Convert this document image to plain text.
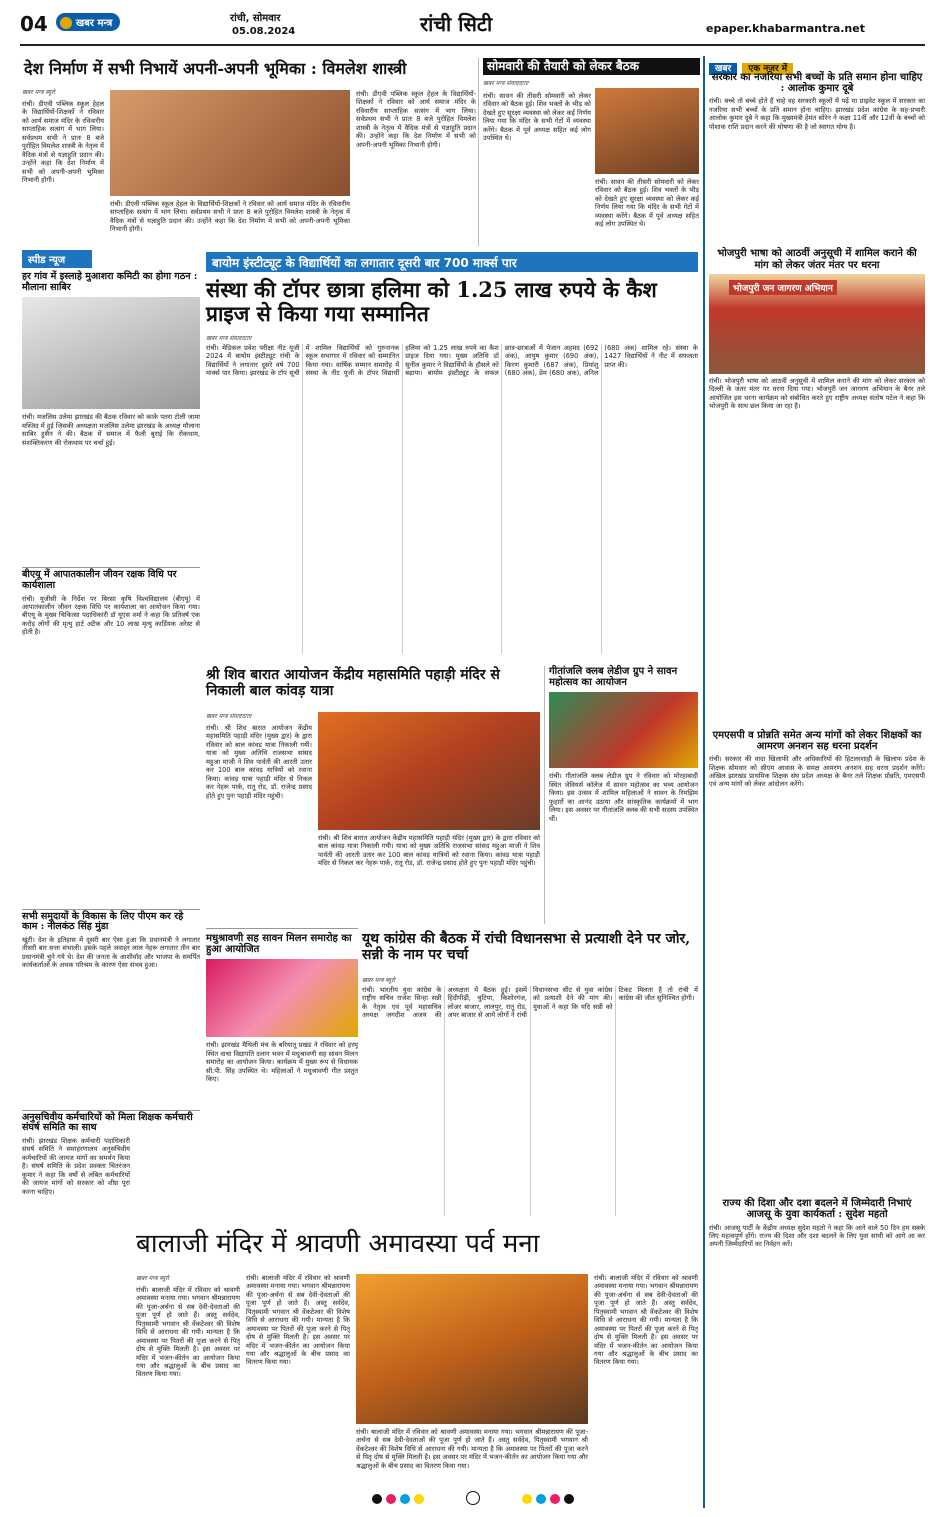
04	खबर मन्त्र	रांची, सोमवार
05.08.2024	रांची सिटी	epaper.khabarmantra.net
देश निर्माण में सभी निभायें अपनी-अपनी भूमिका : विमलेश शास्त्री
खबर मन्त्र ब्यूरो
रांची। डीएवी पब्लिक स्कूल हेहल के विद्यार्थियों-शिक्षकों ने रविवार को आर्य समाज मंदिर के रविवारीय साप्ताहिक सत्संग में भाग लिया। सर्वप्रथम सभी ने प्रातः 8 बजे पुरोहित विमलेश शास्त्री के नेतृत्व में वैदिक मंत्रों से यज्ञाहुति प्रदान की। उन्होंने कहा कि देश निर्माण में सभी को अपनी-अपनी भूमिका निभानी होगी।
रांची। डीएवी पब्लिक स्कूल हेहल के विद्यार्थियों-शिक्षकों ने रविवार को आर्य समाज मंदिर के रविवारीय साप्ताहिक सत्संग में भाग लिया। सर्वप्रथम सभी ने प्रातः 8 बजे पुरोहित विमलेश शास्त्री के नेतृत्व में वैदिक मंत्रों से यज्ञाहुति प्रदान की। उन्होंने कहा कि देश निर्माण में सभी को अपनी-अपनी भूमिका निभानी होगी।
रांची। डीएवी पब्लिक स्कूल हेहल के विद्यार्थियों-शिक्षकों ने रविवार को आर्य समाज मंदिर के रविवारीय साप्ताहिक सत्संग में भाग लिया। सर्वप्रथम सभी ने प्रातः 8 बजे पुरोहित विमलेश शास्त्री के नेतृत्व में वैदिक मंत्रों से यज्ञाहुति प्रदान की। उन्होंने कहा कि देश निर्माण में सभी को अपनी-अपनी भूमिका निभानी होगी।
सोमवारी की तैयारी को लेकर बैठक
खबर मन्त्र संवाददाता
रांची। सावन की तीसरी सोमवारी को लेकर रविवार को बैठक हुई। शिव भक्तों के भीड़ को देखते हुए सुरक्षा व्यवस्था को लेकर कई निर्णय लिया गया कि मंदिर के सभी गेटों में व्यवस्था करेंगे। बैठक में पूर्व अध्यक्ष सहित कई लोग उपस्थित थे।
रांची। सावन की तीसरी सोमवारी को लेकर रविवार को बैठक हुई। शिव भक्तों के भीड़ को देखते हुए सुरक्षा व्यवस्था को लेकर कई निर्णय लिया गया कि मंदिर के सभी गेटों में व्यवस्था करेंगे। बैठक में पूर्व अध्यक्ष सहित कई लोग उपस्थित थे।
खबर एक नजर में
सरकार का नजरिया सभी बच्चों के प्रति समान होना चाहिए : आलोक कुमार दूबे
रांची। बच्चे तो बच्चे होते हैं चाहे वह सरकारी स्कूलों में पढ़ें या प्राइवेट स्कूल में सरकार का नजरिया सभी बच्चों के प्रति समान होना चाहिए। झारखंड प्रदेश कांग्रेस के सह-प्रभारी आलोक कुमार दूबे ने कहा कि मुख्यमंत्री हेमंत सोरेन ने कक्षा 11वीं और 12वीं के बच्चों को पोशाक राशि प्रदान करने की घोषणा की है जो स्वागत योग्य है।
भोजपुरी भाषा को आठवीं अनुसूची में शामिल कराने की मांग को लेकर जंतर मंतर पर धरना
भोजपुरी जन जागरण अभियान
रांची। भोजपुरी भाषा को आठवीं अनुसूची में शामिल कराने की मांग को लेकर सरकार को दिल्ली के जंतर मंतर पर धरना दिया गया। भोजपुरी जन जागरण अभियान के बैनर तले आयोजित इस धरना कार्यक्रम को संबोधित करते हुए राष्ट्रीय अध्यक्ष संतोष पटेल ने कहा कि भोजपुरी के साथ छल किया जा रहा है।
एमएसपी व प्रोन्नति समेत अन्य मांगों को लेकर शिक्षकों का आमरण अनशन सह धरना प्रदर्शन
रांची। सरकार की वादा खिलाफी और अधिकारियों की हिटलरशाही के खिलाफ प्रदेश के शिक्षक सोमवार को सीएम आवास के समक्ष आमरण अनशन सह धरना प्रदर्शन करेंगे। अखिल झारखंड प्राथमिक शिक्षक संघ प्रदेश अध्यक्ष के बैनर तले शिक्षक प्रोन्नति, एमएसपी एवं अन्य मांगों को लेकर आंदोलन करेंगे।
राज्य की दिशा और दशा बदलने में जिम्मेदारी निभाएं आजसू के युवा कार्यकर्ता : सुदेश महतो
रांची। आजसू पार्टी के केंद्रीय अध्यक्ष सुदेश महतो ने कहा कि आने वाले 50 दिन हम सबके लिए महत्वपूर्ण होंगे। राज्य की दिशा और दशा बदलने के लिए युवा साथी को आगे आ कर अपनी जिम्मेदारियों का निर्वहन करें।
स्पीड न्यूज
हर गांव में इस्लाहे मुआशरा कमिटी का होगा गठन : मौलाना साबिर
रांची। मजलिस उलेमा झारखंड की बैठक रविवार को काके पतरा टोली जामा मस्जिद में हुई जिसकी अध्यक्षता मजलिस उलेमा झारखंड के अध्यक्ष मौलाना साबिर हुसैन ने की। बैठक में समाज में फैली बुराई कि रोकथाम, सशक्तिकरण की रोकथाम पर चर्चा हुई।
बीएयू में आपातकालीन जीवन रक्षक विधि पर कार्यशाला
रांची। यूजीसी के निर्देश पर बिरसा कृषि विश्वविद्यालय (बीएयू) में आपातकालीन जीवन रक्षक विधि पर कार्यशाला का आयोजन किया गया। बीएयू के मुख्य चिकित्सा पदाधिकारी डॉ यूएस वर्मा ने कहा कि प्रतिवर्ष एक करोड़ लोगों की मृत्यु हार्ट अटैक और 10 लाख मृत्यु कार्डियक अरेस्ट से होती है।
सभी समुदायों के विकास के लिए पीएम कर रहे काम : नीलकंठ सिंह मुंडा
खूंटी। देश के इतिहास में दूसरी बार ऐसा हुआ कि प्रधानमंत्री ने लगातार तीसरी बार सत्ता संभाली। इसके पहले जवाहर लाल नेहरू लगातार तीन बार प्रधानमंत्री चुने गये थे। देश की जनता के आशीर्वाद और भाजपा के समर्पित कार्यकर्ताओं के अथक परिश्रम के कारण ऐसा संभव हुआ।
अनुसचिवीय कर्मचारियों को मिला शिक्षक कर्मचारी संघर्ष समिति का साथ
रांची। झारखंड शिक्षक कर्मचारी पदाधिकारी संघर्ष समिति ने समाहरणालय अनुसचिवीय कर्मचारियों की जायज मांगों का समर्थन किया है। संघर्ष समिति के प्रदेश प्रवक्ता चितरंजन कुमार ने कहा कि वर्षों से लंबित कर्मचारियों की जायज मांगों को सरकार को शीघ्र पूरा करना चाहिए।
बायोम इंस्टीट्यूट के विद्यार्थियों का लगातार दूसरी बार 700 मार्क्स पार
संस्था की टॉपर छात्रा हलिमा को 1.25 लाख रुपये के कैश प्राइज से किया गया सम्मानित
खबर मन्त्र संवाददाता
रांची। मेडिकल प्रवेश परीक्षा नीट यूजी 2024 में बायोम इंस्टीट्यूट रांची के विद्यार्थियों ने लगातार दूसरे वर्ष 700 मार्क्स पार किया। झारखंड के टॉप सूची में शामिल विद्यार्थियों को गुरुनानक स्कूल सभागार में रविवार को सम्मानित किया गया। वार्षिक सम्मान समारोह में संस्था के नीट यूजी के टॉपर विद्यार्थी हलिमा को 1.25 लाख रुपये का कैश प्राइज दिया गया। मुख्य अतिथि डॉ सुनील कुमार ने विद्यार्थियों के हौसले को बढ़ाया। बायोम इंस्टीट्यूट के सफल छात्र-छात्राओं में पेजान अहमद (692 अंक), आयुष कुमार (690 अंक), किरण कुमारी (687 अंक), प्रियांशु (680 अंक), प्रेम (680 अंक), अनिल (680 अंक) शामिल रहे। संस्था के 1427 विद्यार्थियों ने नीट में सफलता प्राप्त की।
श्री शिव बारात आयोजन केंद्रीय महासमिति पहाड़ी मंदिर से निकाली बाल कांवड़ यात्रा
खबर मन्त्र संवाददाता
रांची। श्री शिव बारात आयोजन केंद्रीय महासमिति पहाड़ी मंदिर (मुख्य द्वार) के द्वारा रविवार को बाल कांवड़ यात्रा निकाली गयी। यात्रा को मुख्य अतिथि राजसभा सांसद महुआ माजी ने शिव पार्वती की आरती उतार कर 100 बाल कांवड़ यात्रियों को रवाना किया। कांवड़ यात्रा पहाड़ी मंदिर से निकल कर नेहरू पार्क, रातू रोड, डॉ. राजेन्द्र प्रसाद होते हुए पुनः पहाड़ी मंदिर पहुंची।
रांची। श्री शिव बारात आयोजन केंद्रीय महासमिति पहाड़ी मंदिर (मुख्य द्वार) के द्वारा रविवार को बाल कांवड़ यात्रा निकाली गयी। यात्रा को मुख्य अतिथि राजसभा सांसद महुआ माजी ने शिव पार्वती की आरती उतार कर 100 बाल कांवड़ यात्रियों को रवाना किया। कांवड़ यात्रा पहाड़ी मंदिर से निकल कर नेहरू पार्क, रातू रोड, डॉ. राजेन्द्र प्रसाद होते हुए पुनः पहाड़ी मंदिर पहुंची।
गीतांजलि क्लब लेडीज ग्रुप ने सावन महोत्सव का आयोजन
रांची। गीतांजलि क्लब लेडीज ग्रुप ने रविवार को मोरहाबादी स्थित जेवियर्स कॉलेज में सावन महोत्सव का भव्य आयोजन किया। इस उत्सव में शामिल महिलाओं ने सावन के रिमझिम फुहारों का आनंद उठाया और सांस्कृतिक कार्यक्रमों में भाग लिया। इस अवसर पर गीतांजलि क्लब की सभी सदस्य उपस्थित थीं।
मधुश्रावणी सह सावन मिलन समारोह का हुआ आयोजित
रांची। झारखंड मैथिली मंच के बरियातू प्रखंड ने रविवार को हरमू स्थित वाचा विद्यापति दलान भवन में मधुश्रावणी सह सावन मिलन समारोह का आयोजन किया। कार्यक्रम में मुख्य रूप से विधायक सी.पी. सिंह उपस्थित थे। महिलाओं ने मधुश्रावणी गीत प्रस्तुत किए।
यूथ कांग्रेस की बैठक में रांची विधानसभा से प्रत्याशी देने पर जोर, सन्नी के नाम पर चर्चा
खबर मन्त्र ब्यूरो
रांची। भारतीय युवा कांग्रेस के राष्ट्रीय सचिव राजेश सिन्हा सन्नी के नेतृत्व एवं पूर्व महासचिव अध्यक्ष जगदीश अजय की अध्यक्षता में बैठक हुई। इसमें हिंदीपीढ़ी, चुटिया, किशोरगंज, लोअर बाजार, लालपुर, रातू रोड, अपर बाजार से आये लोगों ने रांची विधानसभा सीट से युवा कांग्रेस को प्रत्याशी देने की मांग की। युवाओं ने कहा कि यदि सन्नी को टिकट मिलता है तो रांची में कांग्रेस की जीत सुनिश्चित होगी।
बालाजी मंदिर में श्रावणी अमावस्या पर्व मना
खबर मन्त्र ब्यूरो
रांची। बालाजी मंदिर में रविवार को श्रावणी अमावस्या मनाया गया। भगवान श्रीमन्नारायण की पूजा-अर्चना से सब देवी-देवताओं की पूजा पूर्ण हो जाते हैं। अस्तु सर्वदेव, पितृस्वामी भगवान श्री वेंकटेश्वर की विशेष विधि से आराधना की गयी। मान्यता है कि अमावस्या पर पितरों की पूजा करने से पितृ दोष से मुक्ति मिलती है। इस अवसर पर मंदिर में भजन-कीर्तन का आयोजन किया गया और श्रद्धालुओं के बीच प्रसाद का वितरण किया गया।
रांची। बालाजी मंदिर में रविवार को श्रावणी अमावस्या मनाया गया। भगवान श्रीमन्नारायण की पूजा-अर्चना से सब देवी-देवताओं की पूजा पूर्ण हो जाते हैं। अस्तु सर्वदेव, पितृस्वामी भगवान श्री वेंकटेश्वर की विशेष विधि से आराधना की गयी। मान्यता है कि अमावस्या पर पितरों की पूजा करने से पितृ दोष से मुक्ति मिलती है। इस अवसर पर मंदिर में भजन-कीर्तन का आयोजन किया गया और श्रद्धालुओं के बीच प्रसाद का वितरण किया गया।
रांची। बालाजी मंदिर में रविवार को श्रावणी अमावस्या मनाया गया। भगवान श्रीमन्नारायण की पूजा-अर्चना से सब देवी-देवताओं की पूजा पूर्ण हो जाते हैं। अस्तु सर्वदेव, पितृस्वामी भगवान श्री वेंकटेश्वर की विशेष विधि से आराधना की गयी। मान्यता है कि अमावस्या पर पितरों की पूजा करने से पितृ दोष से मुक्ति मिलती है। इस अवसर पर मंदिर में भजन-कीर्तन का आयोजन किया गया और श्रद्धालुओं के बीच प्रसाद का वितरण किया गया।
रांची। बालाजी मंदिर में रविवार को श्रावणी अमावस्या मनाया गया। भगवान श्रीमन्नारायण की पूजा-अर्चना से सब देवी-देवताओं की पूजा पूर्ण हो जाते हैं। अस्तु सर्वदेव, पितृस्वामी भगवान श्री वेंकटेश्वर की विशेष विधि से आराधना की गयी। मान्यता है कि अमावस्या पर पितरों की पूजा करने से पितृ दोष से मुक्ति मिलती है। इस अवसर पर मंदिर में भजन-कीर्तन का आयोजन किया गया और श्रद्धालुओं के बीच प्रसाद का वितरण किया गया।
